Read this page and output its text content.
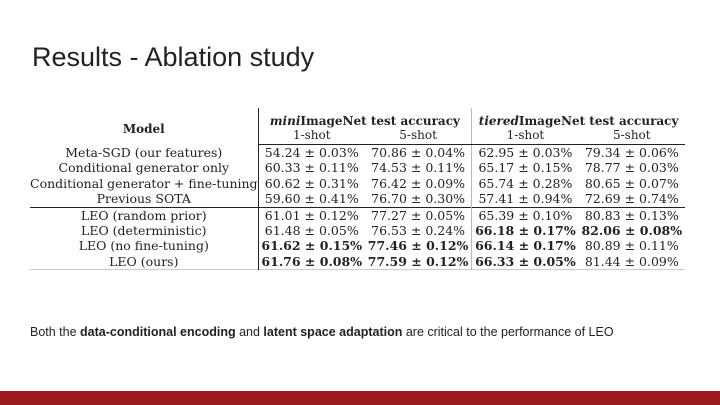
Results - Ablation study
Model	miniImageNet test accuracy		tieredImageNet test accuracy	
	1-shot	5-shot	1-shot	5-shot
Meta-SGD (our features)	54.24 ± 0.03%	70.86 ± 0.04%	62.95 ± 0.03%	79.34 ± 0.06%
Conditional generator only	60.33 ± 0.11%	74.53 ± 0.11%	65.17 ± 0.15%	78.77 ± 0.03%
Conditional generator + fine-tuning	60.62 ± 0.31%	76.42 ± 0.09%	65.74 ± 0.28%	80.65 ± 0.07%
Previous SOTA	59.60 ± 0.41%	76.70 ± 0.30%	57.41 ± 0.94%	72.69 ± 0.74%
LEO (random prior)	61.01 ± 0.12%	77.27 ± 0.05%	65.39 ± 0.10%	80.83 ± 0.13%
LEO (deterministic)	61.48 ± 0.05%	76.53 ± 0.24%	66.18 ± 0.17%	82.06 ± 0.08%
LEO (no fine-tuning)	61.62 ± 0.15%	77.46 ± 0.12%	66.14 ± 0.17%	80.89 ± 0.11%
LEO (ours)	61.76 ± 0.08%	77.59 ± 0.12%	66.33 ± 0.05%	81.44 ± 0.09%
Both the data-conditional encoding and latent space adaptation are critical to the performance of LEO
